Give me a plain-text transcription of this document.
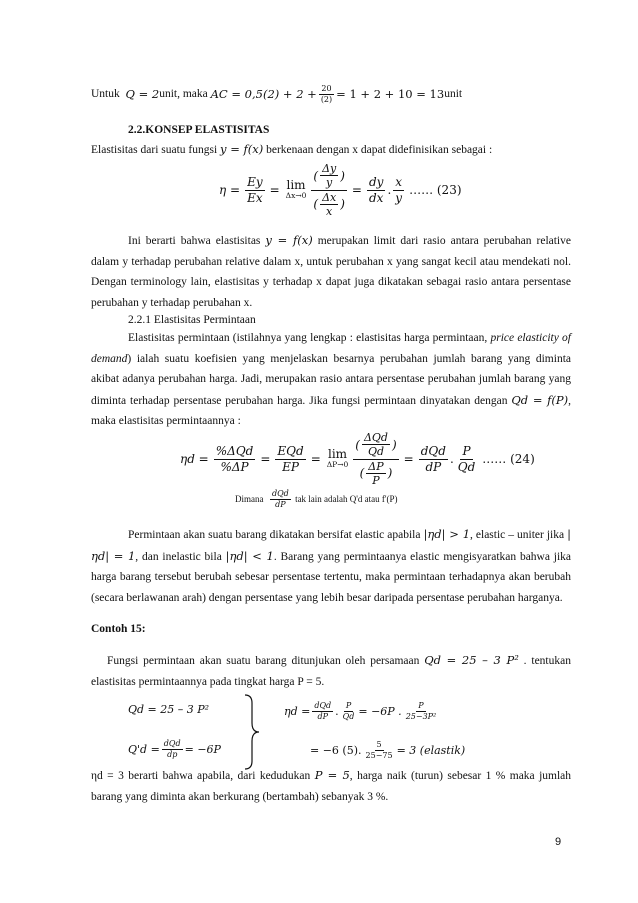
Untuk
Q = 2 unit, maka
AC = $0,5(2) + 2 + \frac{20}{(2)} = 1 + 2 + 10 = 13$ unit
2.2.KONSEP ELASTISITAS
Elastisitas dari suatu fungsi y = f(x) berkenaan dengan x dapat didefinisikan sebagai :
$\eta = \frac{Ey}{Ex} = \lim$
$\Delta x\to 0 \frac{( \frac{\Delta y}{y} )}{( \frac{\Delta x}{x} )} = \frac{dy}{dx}$ . $\frac{x}{y}$ …… (23)
Ini berarti bahwa elastisitas y = f(x) merupakan limit dari rasio antara perubahan relative dalam y terhadap perubahan relative dalam x, untuk perubahan x yang sangat kecil atau mendekati nol. Dengan terminology lain, elastisitas y terhadap x dapat juga dikatakan sebagai rasio antara persentase perubahan y terhadap perubahan x.
2.2.1 Elastisitas Permintaan
Elastisitas permintaan (istilahnya yang lengkap : elastisitas harga permintaan, price elasticity of demand) ialah suatu koefisien yang menjelaskan besarnya perubahan jumlah barang yang diminta akibat adanya perubahan harga. Jadi, merupakan rasio antara persentase perubahan jumlah barang yang diminta terhadap persentase perubahan harga. Jika fungsi permintaan dinyatakan dengan Qd = f(P), maka elastisitas permintaannya :
$\eta d = \frac{\text{\%ΔQd}}{\%\Delta P} = \frac{\text{EQd}}{EP} = \lim$
$\Delta P\to 0 \frac{( \frac{\text{ΔQd}}{Qd} )}{( \frac{\Delta P}{P} )} = \frac{\text{dQd}}{dP}$ . $\frac{P}{Qd}$ …… (24)
Dimana
$\frac{\text{dQd}}{dP}$
tak lain adalah Q'd atau f'(P)
Permintaan akan suatu barang dikatakan bersifat elastic apabila |ηd| > 1, elastic – uniter jika |ηd| = 1, dan inelastic bila |ηd| < 1. Barang yang permintaanya elastic mengisyaratkan bahwa jika harga barang tersebut berubah sebesar persentase tertentu, maka permintaan terhadapnya akan berubah (secara berlawanan arah) dengan persentase yang lebih besar daripada persentase perubahan harganya.
Contoh 15:
Fungsi permintaan akan suatu barang ditunjukan oleh persamaan Qd = 25 – 3 P² . tentukan elastisitas permintaannya pada tingkat harga P = 5.
Qd = 25 – 3 P²
$Q'd = \frac{\text{dQd}}{dp} = -6P$
$\eta d = \frac{\text{dQd}}{dP}$ . $\frac{P}{Qd} = -6P$ . $\frac{P}{\text{25−3P²}}$
= −6 (5). $\frac{5}{25-75} = 3$ (elastik)
ηd = 3 berarti bahwa apabila, dari kedudukan P = 5, harga naik (turun) sebesar 1 % maka jumlah barang yang diminta akan berkurang (bertambah) sebanyak 3 %.
9
